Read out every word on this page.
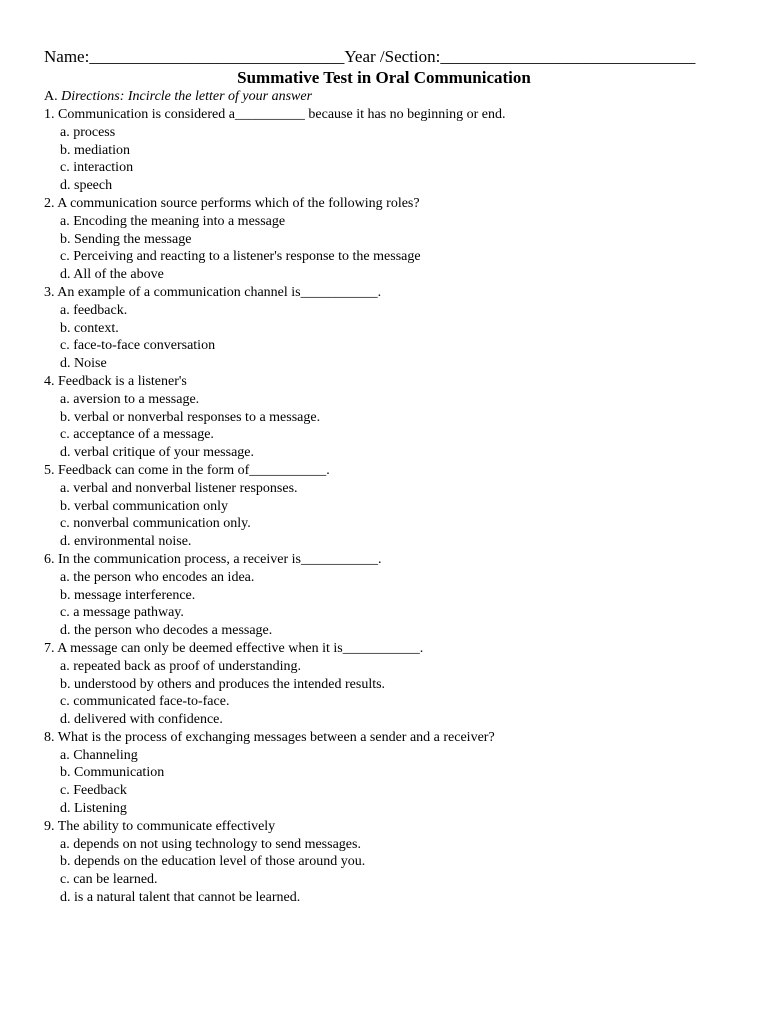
Name:______________________________Year /Section:______________________________
Summative Test in Oral Communication
A. Directions: Incircle the letter of your answer
1. Communication is considered a__________ because it has no beginning or end.
a. process
b. mediation
c. interaction
d. speech
2. A communication source performs which of the following roles?
a. Encoding the meaning into a message
b. Sending the message
c. Perceiving and reacting to a listener's response to the message
d. All of the above
3. An example of a communication channel is___________.
a. feedback.
b. context.
c. face-to-face conversation
d. Noise
4. Feedback is a listener's
a. aversion to a message.
b. verbal or nonverbal responses to a message.
c. acceptance of a message.
d. verbal critique of your message.
5. Feedback can come in the form of___________.
a. verbal and nonverbal listener responses.
b. verbal communication only
c. nonverbal communication only.
d. environmental noise.
6. In the communication process, a receiver is___________.
a. the person who encodes an idea.
b. message interference.
c. a message pathway.
d. the person who decodes a message.
7. A message can only be deemed effective when it is___________.
a. repeated back as proof of understanding.
b. understood by others and produces the intended results.
c. communicated face-to-face.
d. delivered with confidence.
8. What is the process of exchanging messages between a sender and a receiver?
a. Channeling
b. Communication
c. Feedback
d. Listening
9. The ability to communicate effectively
a. depends on not using technology to send messages.
b. depends on the education level of those around you.
c. can be learned.
d. is a natural talent that cannot be learned.
